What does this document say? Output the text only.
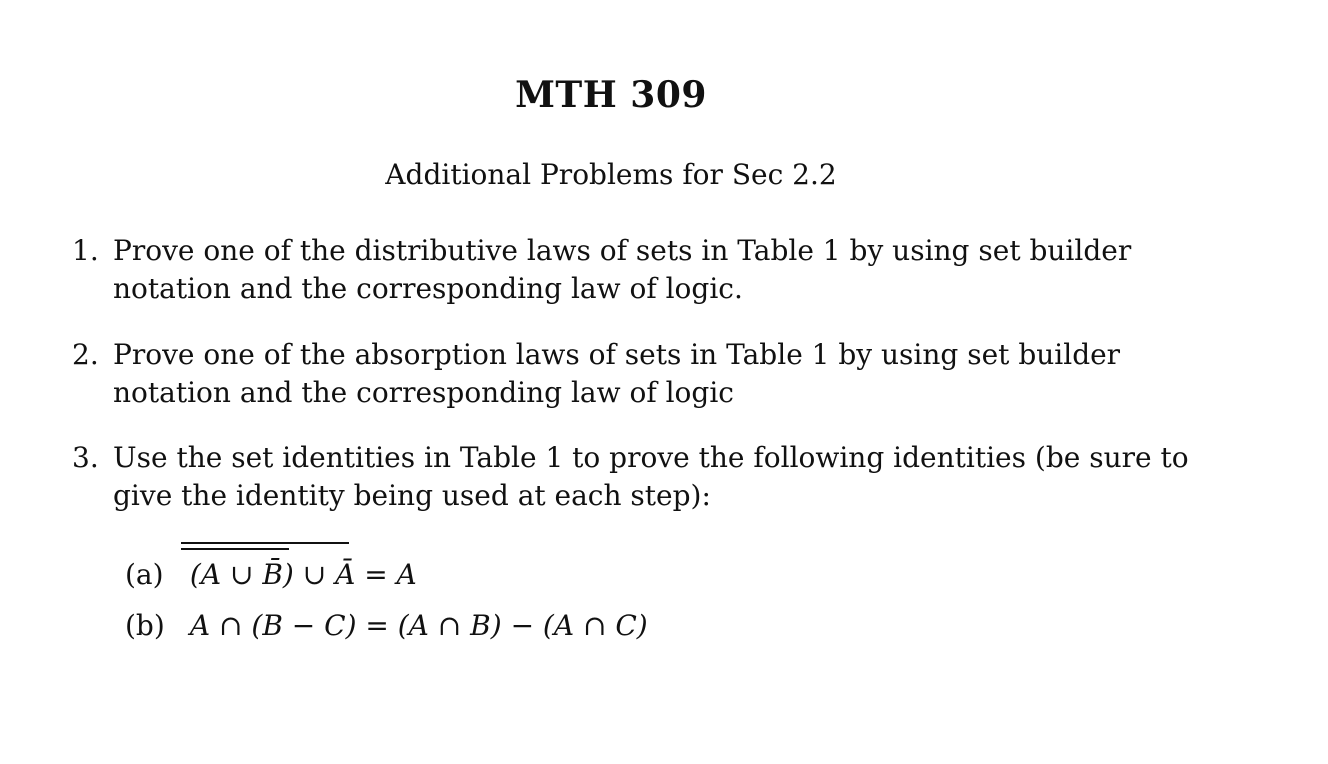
MTH 309
Additional Problems for Sec 2.2
1. Prove one of the distributive laws of sets in Table 1 by using set builder notation and the corresponding law of logic.
2. Prove one of the absorption laws of sets in Table 1 by using set builder notation and the corresponding law of logic
3. Use the set identities in Table 1 to prove the following identities (be sure to give the identity being used at each step):
(a) (A ∪ B̄) ∪ Ā = A
(b) A ∩ (B − C) = (A ∩ B) − (A ∩ C)
